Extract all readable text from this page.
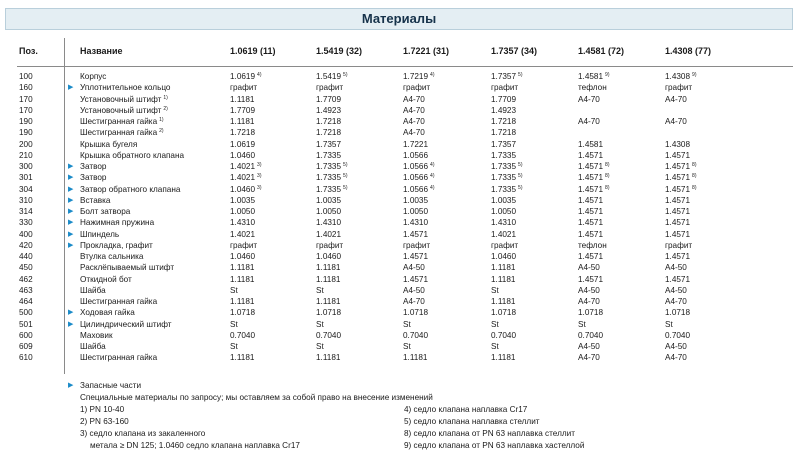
Материалы
Поз.	Название	1.0619 (11)	1.5419 (32)	1.7221 (31)	1.7357 (34)	1.4581 (72)	1.4308 (77)
100	Корпус	1.0619 $^{4)}$	1.5419 $^{5)}$	1.7219 $^{4)}$	1.7357 $^{5)}$	1.4581 $^{9)}$	1.4308 $^{9)}$
160	▶ Уплотнительное кольцо	графит	графит	графит	графит	тефлон	графит
170	Установочный штифт $^{1)}$	1.1181	1.7709	A4-70	1.7709	A4-70	A4-70
170	Установочный штифт $^{2)}$	1.7709	1.4923	A4-70	1.4923
190	Шестигранная гайка $^{1)}$	1.1181	1.7218	A4-70	1.7218	A4-70	A4-70
190	Шестигранная гайка $^{2)}$	1.7218	1.7218	A4-70	1.7218
200	Крышка бугеля	1.0619	1.7357	1.7221	1.7357	1.4581	1.4308
210	Крышка обратного клапана	1.0460	1.7335	1.0566	1.7335	1.4571	1.4571
300	▶ Затвор	1.4021 $^{3)}$	1.7335 $^{5)}$	1.0566 $^{4)}$	1.7335 $^{5)}$	1.4571 $^{8)}$	1.4571 $^{8)}$
301	▶ Затвор	1.4021 $^{3)}$	1.7335 $^{5)}$	1.0566 $^{4)}$	1.7335 $^{5)}$	1.4571 $^{8)}$	1.4571 $^{8)}$
304	▶ Затвор обратного клапана	1.0460 $^{3)}$	1.7335 $^{5)}$	1.0566 $^{4)}$	1.7335 $^{5)}$	1.4571 $^{8)}$	1.4571 $^{8)}$
310	▶ Вставка	1.0035	1.0035	1.0035	1.0035	1.4571	1.4571
314	▶ Болт затвора	1.0050	1.0050	1.0050	1.0050	1.4571	1.4571
330	▶ Нажимная пружина	1.4310	1.4310	1.4310	1.4310	1.4571	1.4571
400	▶ Шпиндель	1.4021	1.4021	1.4571	1.4021	1.4571	1.4571
420	▶ Прокладка, графит	графит	графит	графит	графит	тефлон	графит
440	Втулка сальника	1.0460	1.0460	1.4571	1.0460	1.4571	1.4571
450	Расклёпываемый штифт	1.1181	1.1181	A4-50	1.1181	A4-50	A4-50
462	Откидной бот	1.1181	1.1181	1.4571	1.1181	1.4571	1.4571
463	Шайба	St	St	A4-50	St	A4-50	A4-50
464	Шестигранная гайка	1.1181	1.1181	A4-70	1.1181	A4-70	A4-70
500	▶ Ходовая гайка	1.0718	1.0718	1.0718	1.0718	1.0718	1.0718
501	▶ Цилиндрический штифт	St	St	St	St	St	St
600	Маховик	0.7040	0.7040	0.7040	0.7040	0.7040	0.7040
609	Шайба	St	St	St	St	A4-50	A4-50
610	Шестигранная гайка	1.1181	1.1181	1.1181	1.1181	A4-70	A4-70
▶ Запасные части
Специальные материалы по запросу; мы оставляем за собой право на внесение изменений
1) PN 10-40
2) PN 63-160
3) седло клапана из закаленного
метала ≥ DN 125; 1.0460 седло клапана наплавка Cr17
4) седло клапана наплавка Cr17
5) седло клапана наплавка стеллит
8) седло клапана от PN 63 наплавка стеллит
9) седло клапана от PN 63 наплавка хастеллой
